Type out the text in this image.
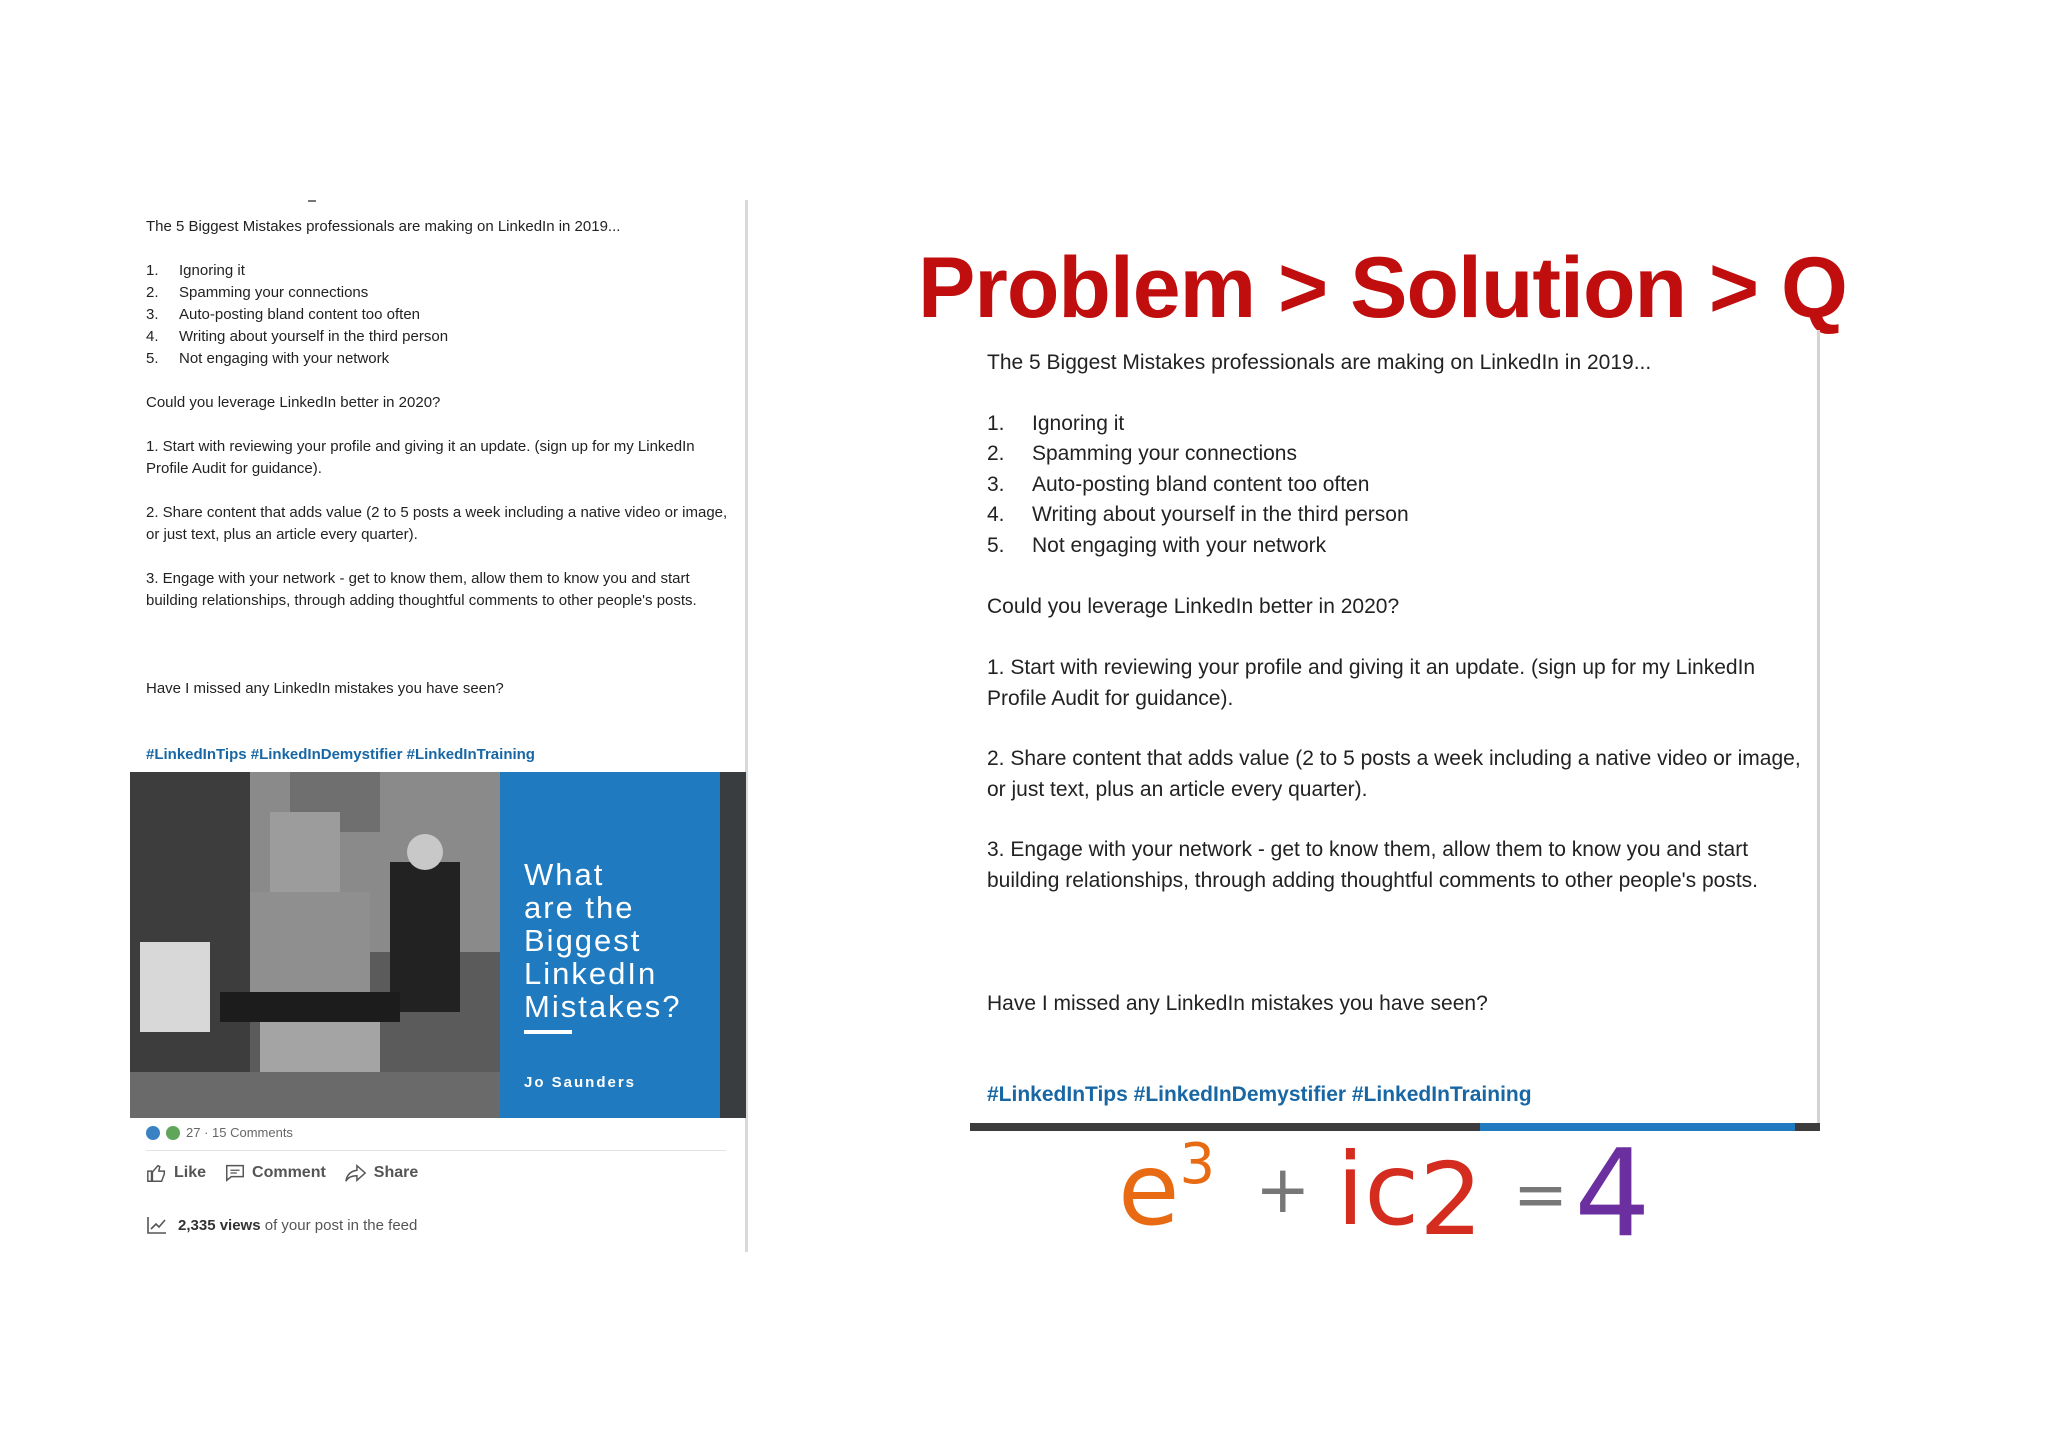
The 5 Biggest Mistakes professionals are making on LinkedIn in 2019...
1. Ignoring it
2. Spamming your connections
3. Auto-posting bland content too often
4. Writing about yourself in the third person
5. Not engaging with your network
Could you leverage LinkedIn better in 2020?
1. Start with reviewing your profile and giving it an update. (sign up for my LinkedIn Profile Audit for guidance).
2. Share content that adds value (2 to 5 posts a week including a native video or image, or just text, plus an article every quarter).
3. Engage with your network - get to know them, allow them to know you and start building relationships, through adding thoughtful comments to other people's posts.
Have I missed any LinkedIn mistakes you have seen?
#LinkedInTips #LinkedInDemystifier #LinkedInTraining
What
are the
Biggest
LinkedIn
Mistakes?
Jo Saunders
27 · 15 Comments
Like	Comment	Share
2,335 views of your post in the feed
Problem > Solution > Q
The 5 Biggest Mistakes professionals are making on LinkedIn in 2019...
1. Ignoring it
2. Spamming your connections
3. Auto-posting bland content too often
4. Writing about yourself in the third person
5. Not engaging with your network
Could you leverage LinkedIn better in 2020?
1. Start with reviewing your profile and giving it an update. (sign up for my LinkedIn Profile Audit for guidance).
2. Share content that adds value (2 to 5 posts a week including a native video or image, or just text, plus an article every quarter).
3. Engage with your network - get to know them, allow them to know you and start building relationships, through adding thoughtful comments to other people's posts.
Have I missed any LinkedIn mistakes you have seen?
#LinkedInTips #LinkedInDemystifier #LinkedInTraining
e 3 + ic 2 = 4
